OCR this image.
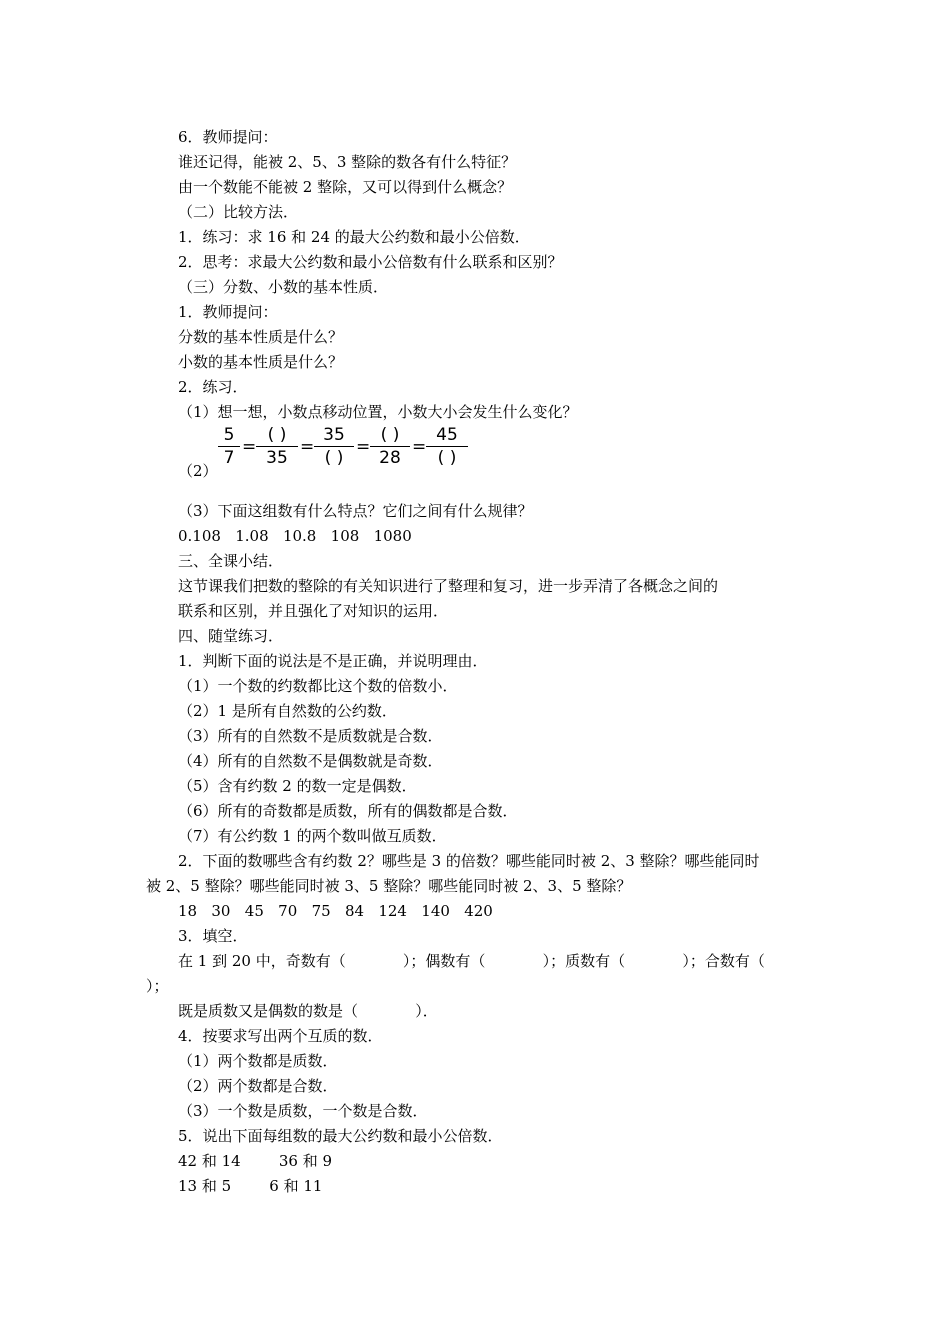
6．教师提问：
谁还记得，能被 2、5、3 整除的数各有什么特征？
由一个数能不能被 2 整除，又可以得到什么概念？
（二）比较方法．
1．练习：求 16 和 24 的最大公约数和最小公倍数．
2．思考：求最大公约数和最小公倍数有什么联系和区别？
（三）分数、小数的基本性质．
1．教师提问：
分数的基本性质是什么？
小数的基本性质是什么？
2．练习．
（1）想一想，小数点移动位置，小数大小会发生什么变化？
（2）
5
7
=
( )
35
=
35
( )
=
( )
28
=
45
( )
（3）下面这组数有什么特点？它们之间有什么规律？
0.108   1.08   10.8   108   1080
三、全课小结．
这节课我们把数的整除的有关知识进行了整理和复习，进一步弄清了各概念之间的
联系和区别，并且强化了对知识的运用．
四、随堂练习．
1．判断下面的说法是不是正确，并说明理由．
（1）一个数的约数都比这个数的倍数小．
（2）1 是所有自然数的公约数．
（3）所有的自然数不是质数就是合数．
（4）所有的自然数不是偶数就是奇数．
（5）含有约数 2 的数一定是偶数．
（6）所有的奇数都是质数，所有的偶数都是合数．
（7）有公约数 1 的两个数叫做互质数．
2．下面的数哪些含有约数 2？哪些是 3 的倍数？哪些能同时被 2、3 整除？哪些能同时
被 2、5 整除？哪些能同时被 3、5 整除？哪些能同时被 2、3、5 整除？
18   30   45   70   75   84   124   140   420
3．填空．
在 1 到 20 中，奇数有（            ）；偶数有（            ）；质数有（            ）；合数有（
）；
既是质数又是偶数的数是（            ）．
4．按要求写出两个互质的数．
（1）两个数都是质数．
（2）两个数都是合数．
（3）一个数是质数，一个数是合数．
5．说出下面每组数的最大公约数和最小公倍数．
42 和 14        36 和 9
13 和 5        6 和 11
